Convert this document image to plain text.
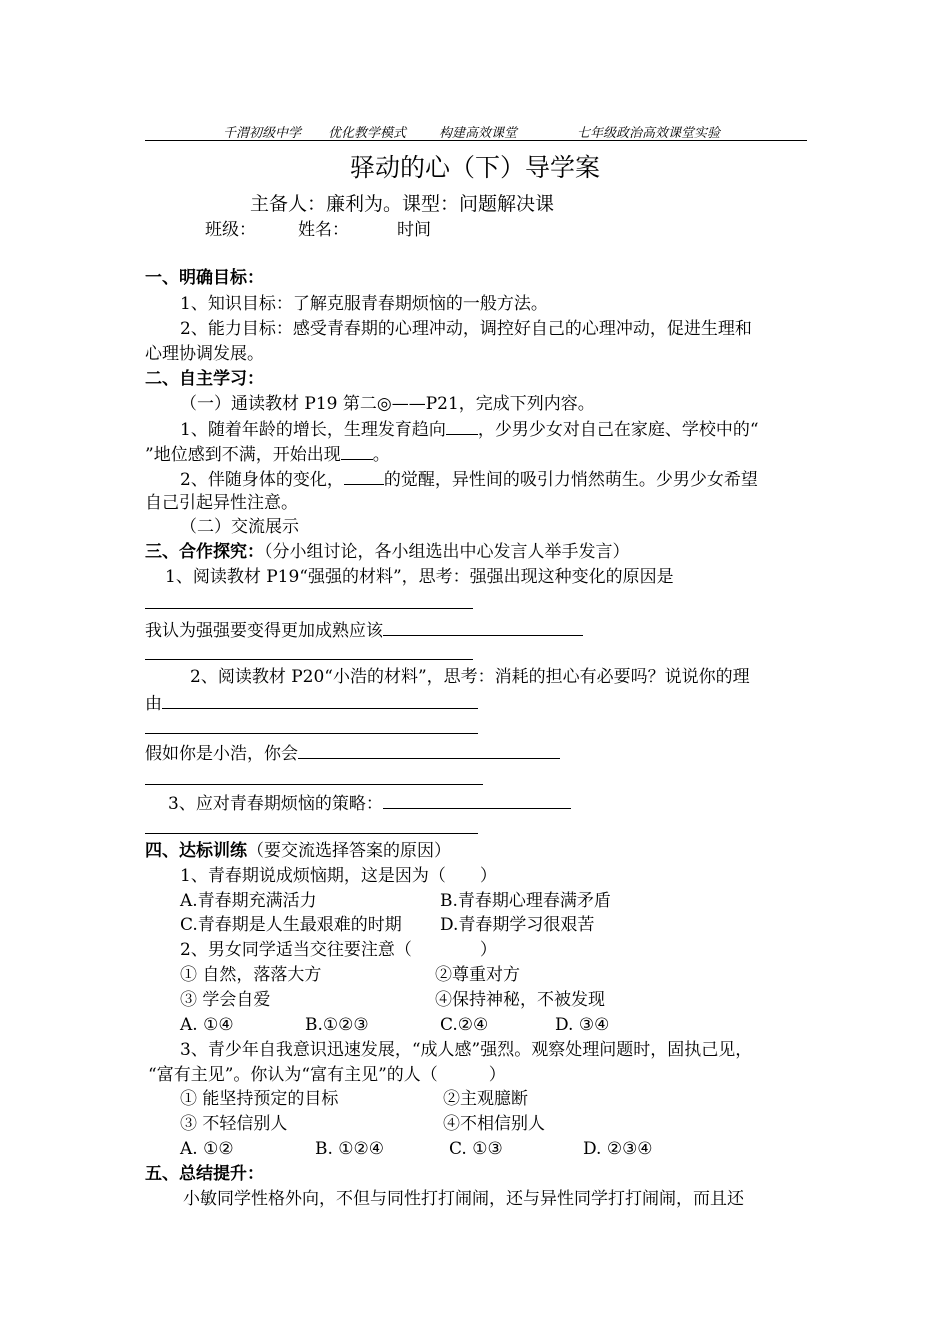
千渭初级中学 优化教学模式	构建高效课堂	七年级政治高效课堂实验
驿动的心（下）导学案
主备人：廉利为。课型：问题解决课
班级： 姓名：	时间
一、明确目标：
1、知识目标：了解克服青春期烦恼的一般方法。
2、能力目标：感受青春期的心理冲动，调控好自己的心理冲动，促进生理和
心理协调发展。
二、自主学习：
（一）通读教材 P19 第二◎——P21，完成下列内容。
1、随着年龄的增长，生理发育趋向 ，少男少女对自己在家庭、学校中的“
”地位感到不满，开始出现 。
2、伴随身体的变化， 的觉醒，异性间的吸引力悄然萌生。少男少女希望
自己引起异性注意。
（二）交流展示
三、合作探究：（分小组讨论，各小组选出中心发言人举手发言）
1、阅读教材 P19“强强的材料”，思考：强强出现这种变化的原因是
我认为强强要变得更加成熟应该
2、阅读教材 P20“小浩的材料”，思考：消耗的担心有必要吗？说说你的理
由
假如你是小浩，你会
3、应对青春期烦恼的策略：
四、达标训练（要交流选择答案的原因）
1、青春期说成烦恼期，这是因为（　　）
A.青春期充满活力	B.青春期心理春满矛盾
C.青春期是人生最艰难的时期 D.青春期学习很艰苦
2、男女同学适当交往要注意（　　　　）
① 自然，落落大方	②尊重对方
③ 学会自爱	④保持神秘，不被发现
A. ①④	B.①②③	C.②④	D. ③④
3、青少年自我意识迅速发展，“成人感”强烈。观察处理问题时，固执己见，
“富有主见”。你认为“富有主见”的人（　　　）
① 能坚持预定的目标	②主观臆断
③ 不轻信别人	④不相信别人
A. ①②	B. ①②④	C. ①③	D. ②③④
五、总结提升：
小敏同学性格外向，不但与同性打打闹闹，还与异性同学打打闹闹，而且还
